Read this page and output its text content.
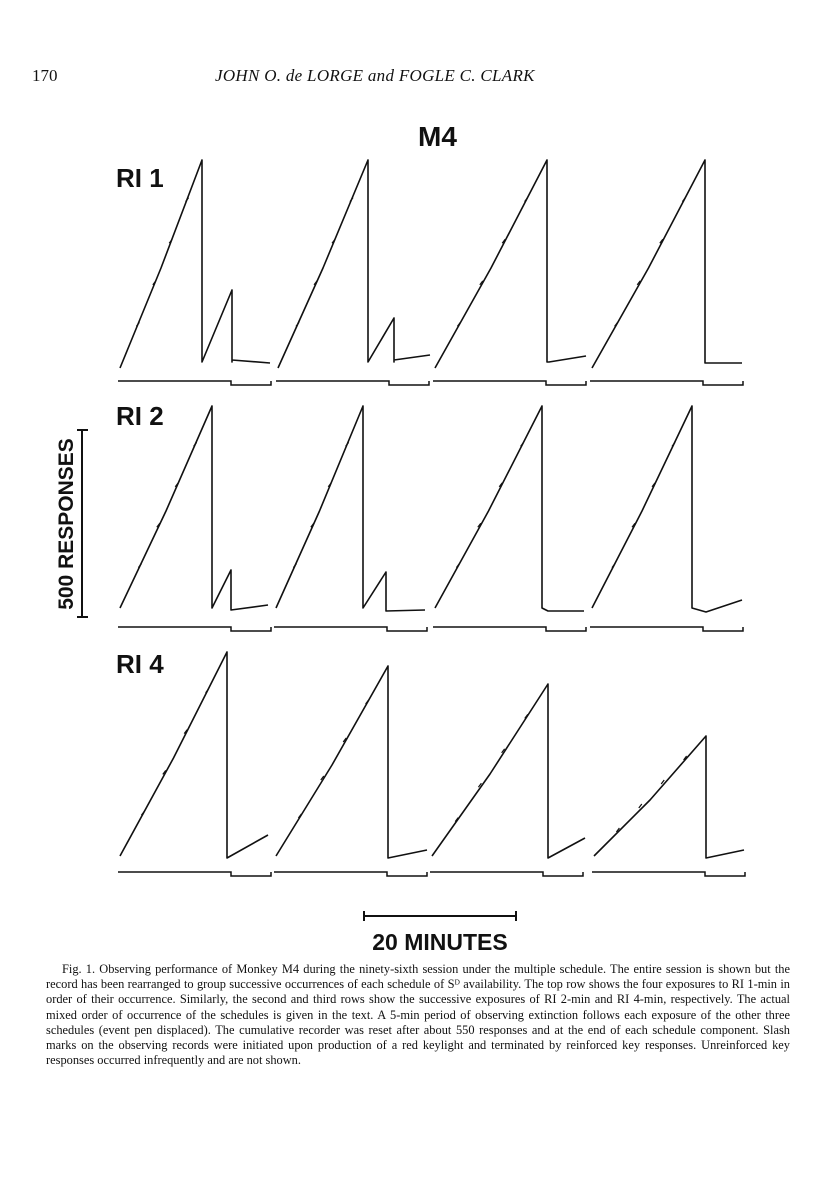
170	JOHN O. de LORGE and FOGLE C. CLARK
M4
RI 1
RI 2
RI 4
500 RESPONSES
20 MINUTES
Fig. 1. Observing performance of Monkey M4 during the ninety-sixth session under the multiple schedule. The entire session is shown but the record has been rearranged to group successive occurrences of each schedule of Sᴰ availability. The top row shows the four exposures to RI 1-min in order of their occurrence. Similarly, the second and third rows show the successive exposures of RI 2-min and RI 4-min, respectively. The actual mixed order of occurrence of the schedules is given in the text. A 5-min period of observing extinction follows each exposure of the other three schedules (event pen displaced). The cumulative recorder was reset after about 550 responses and at the end of each schedule component. Slash marks on the observing records were initiated upon production of a red keylight and terminated by reinforced key responses. Unreinforced key responses occurred infrequently and are not shown.
